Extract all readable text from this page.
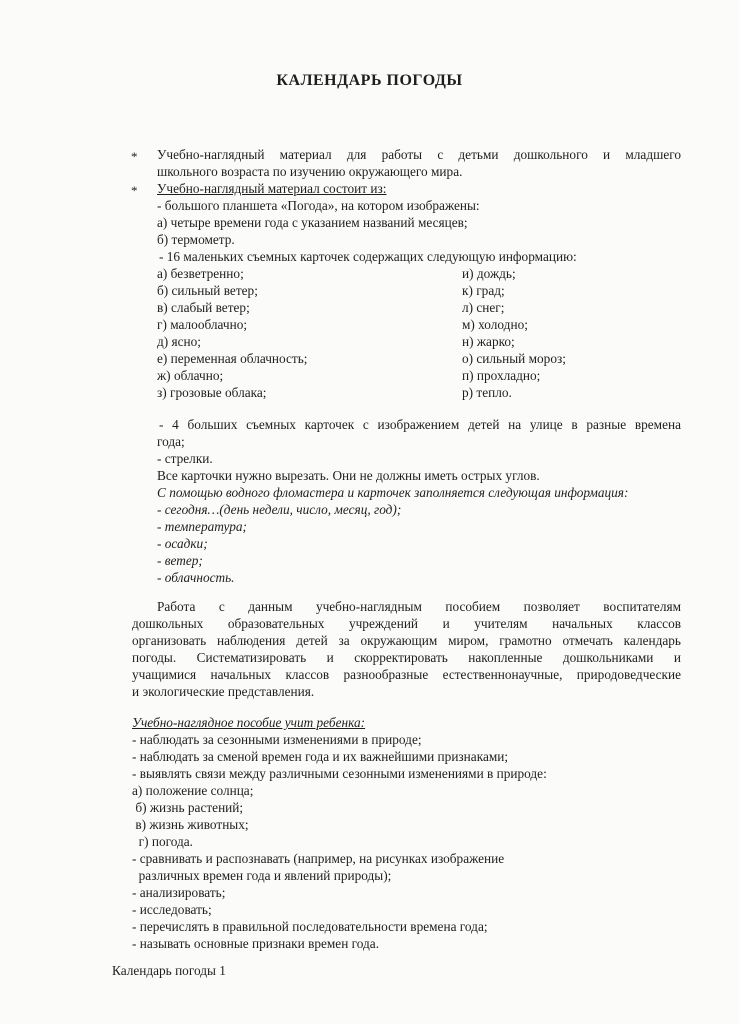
КАЛЕНДАРЬ ПОГОДЫ
* Учебно-наглядный материал для работы с детьми дошкольного и младшего
школьного возраста по изучению окружающего мира.
* Учебно-наглядный материал состоит из:
- большого планшета «Погода», на котором изображены:
а) четыре времени года с указанием названий месяцев;
б) термометр.
- 16 маленьких съемных карточек содержащих следующую информацию:
а) безветренно;
б) сильный ветер;
в) слабый ветер;
г) малооблачно;
д) ясно;
е) переменная облачность;
ж) облачно;
з) грозовые облака;
и) дождь;
к) град;
л) снег;
м) холодно;
н) жарко;
о) сильный мороз;
п) прохладно;
р) тепло.
- 4 больших съемных карточек с изображением детей на улице в разные времена
года;
- стрелки.
Все карточки нужно вырезать. Они не должны иметь острых углов.
С помощью водного фломастера и карточек заполняется следующая информация:
- сегодня…(день недели, число, месяц, год);
- температура;
- осадки;
- ветер;
- облачность.
Работа с данным учебно-наглядным пособием позволяет воспитателям
дошкольных образовательных учреждений и учителям начальных классов
организовать наблюдения детей за окружающим миром, грамотно отмечать календарь
погоды. Систематизировать и скорректировать накопленные дошкольниками и
учащимися начальных классов разнообразные естественнонаучные, природоведческие
и экологические представления.
Учебно-наглядное пособие учит ребенка:
- наблюдать за сезонными изменениями в природе;
- наблюдать за сменой времен года и их важнейшими признаками;
- выявлять связи между различными сезонными изменениями в природе:
а) положение солнца;
б) жизнь растений;
в) жизнь животных;
г) погода.
- сравнивать и распознавать (например, на рисунках изображение
различных времен года и явлений природы);
- анализировать;
- исследовать;
- перечислять в правильной последовательности времена года;
- называть основные признаки времен года.
Календарь погоды 1
